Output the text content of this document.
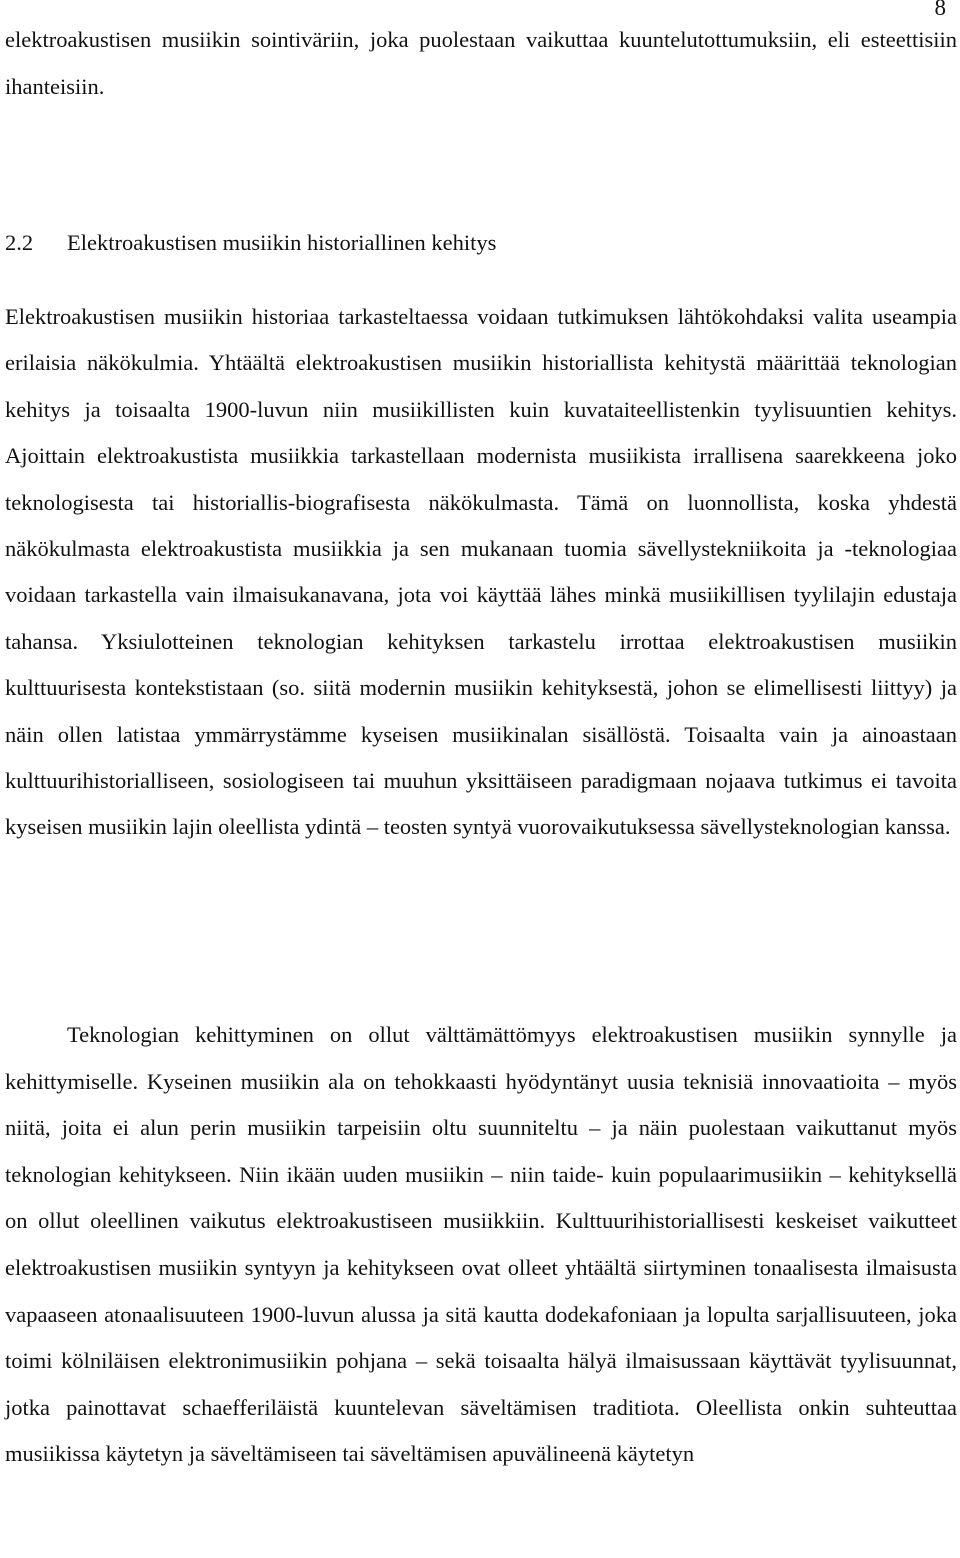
8

elektroakustisen musiikin sointiväriin, joka puolestaan vaikuttaa kuuntelutottumuksiin, eli esteettisiin ihanteisiin.

2.2 Elektroakustisen musiikin historiallinen kehitys

Elektroakustisen musiikin historiaa tarkasteltaessa voidaan tutkimuksen lähtökohdaksi valita useampia erilaisia näkökulmia. Yhtäältä elektroakustisen musiikin historiallista kehitystä määrittää teknologian kehitys ja toisaalta 1900-luvun niin musiikillisten kuin kuvataiteellistenkin tyylisuuntien kehitys. Ajoittain elektroakustista musiikkia tarkastellaan modernista musiikista irrallisena saarekkeena joko teknologisesta tai historiallis-biografisesta näkökulmasta. Tämä on luonnollista, koska yhdestä näkökulmasta elektroakustista musiikkia ja sen mukanaan tuomia sävellystekniikoita ja -teknologiaa voidaan tarkastella vain ilmaisukanavana, jota voi käyttää lähes minkä musiikillisen tyylilajin edustaja tahansa. Yksiulotteinen teknologian kehityksen tarkastelu irrottaa elektroakustisen musiikin kulttuurisesta kontekstistaan (so. siitä modernin musiikin kehityksestä, johon se elimellisesti liittyy) ja näin ollen latistaa ymmärrystämme kyseisen musiikinalan sisällöstä. Toisaalta vain ja ainoastaan kulttuurihistorialliseen, sosiologiseen tai muuhun yksittäiseen paradigmaan nojaava tutkimus ei tavoita kyseisen musiikin lajin oleellista ydintä – teosten syntyä vuorovaikutuksessa sävellysteknologian kanssa.

Teknologian kehittyminen on ollut välttämättömyys elektroakustisen musiikin synnylle ja kehittymiselle. Kyseinen musiikin ala on tehokkaasti hyödyntänyt uusia teknisiä innovaatioita – myös niitä, joita ei alun perin musiikin tarpeisiin oltu suunniteltu – ja näin puolestaan vaikuttanut myös teknologian kehitykseen. Niin ikään uuden musiikin – niin taide- kuin populaarimusiikin – kehityksellä on ollut oleellinen vaikutus elektroakustiseen musiikkiin. Kulttuurihistoriallisesti keskeiset vaikutteet elektroakustisen musiikin syntyyn ja kehitykseen ovat olleet yhtäältä siirtyminen tonaalisesta ilmaisusta vapaaseen atonaalisuuteen 1900-luvun alussa ja sitä kautta dodekafoniaan ja lopulta sarjallisuuteen, joka toimi kölniläisen elektronimusiikin pohjana – sekä toisaalta hälyä ilmaisussaan käyttävät tyylisuunnat, jotka painottavat schaefferiläistä kuuntelevan säveltämisen traditiota. Oleellista onkin suhteuttaa musiikissa käytetyn ja säveltämiseen tai säveltämisen apuvälineenä käytetyn
